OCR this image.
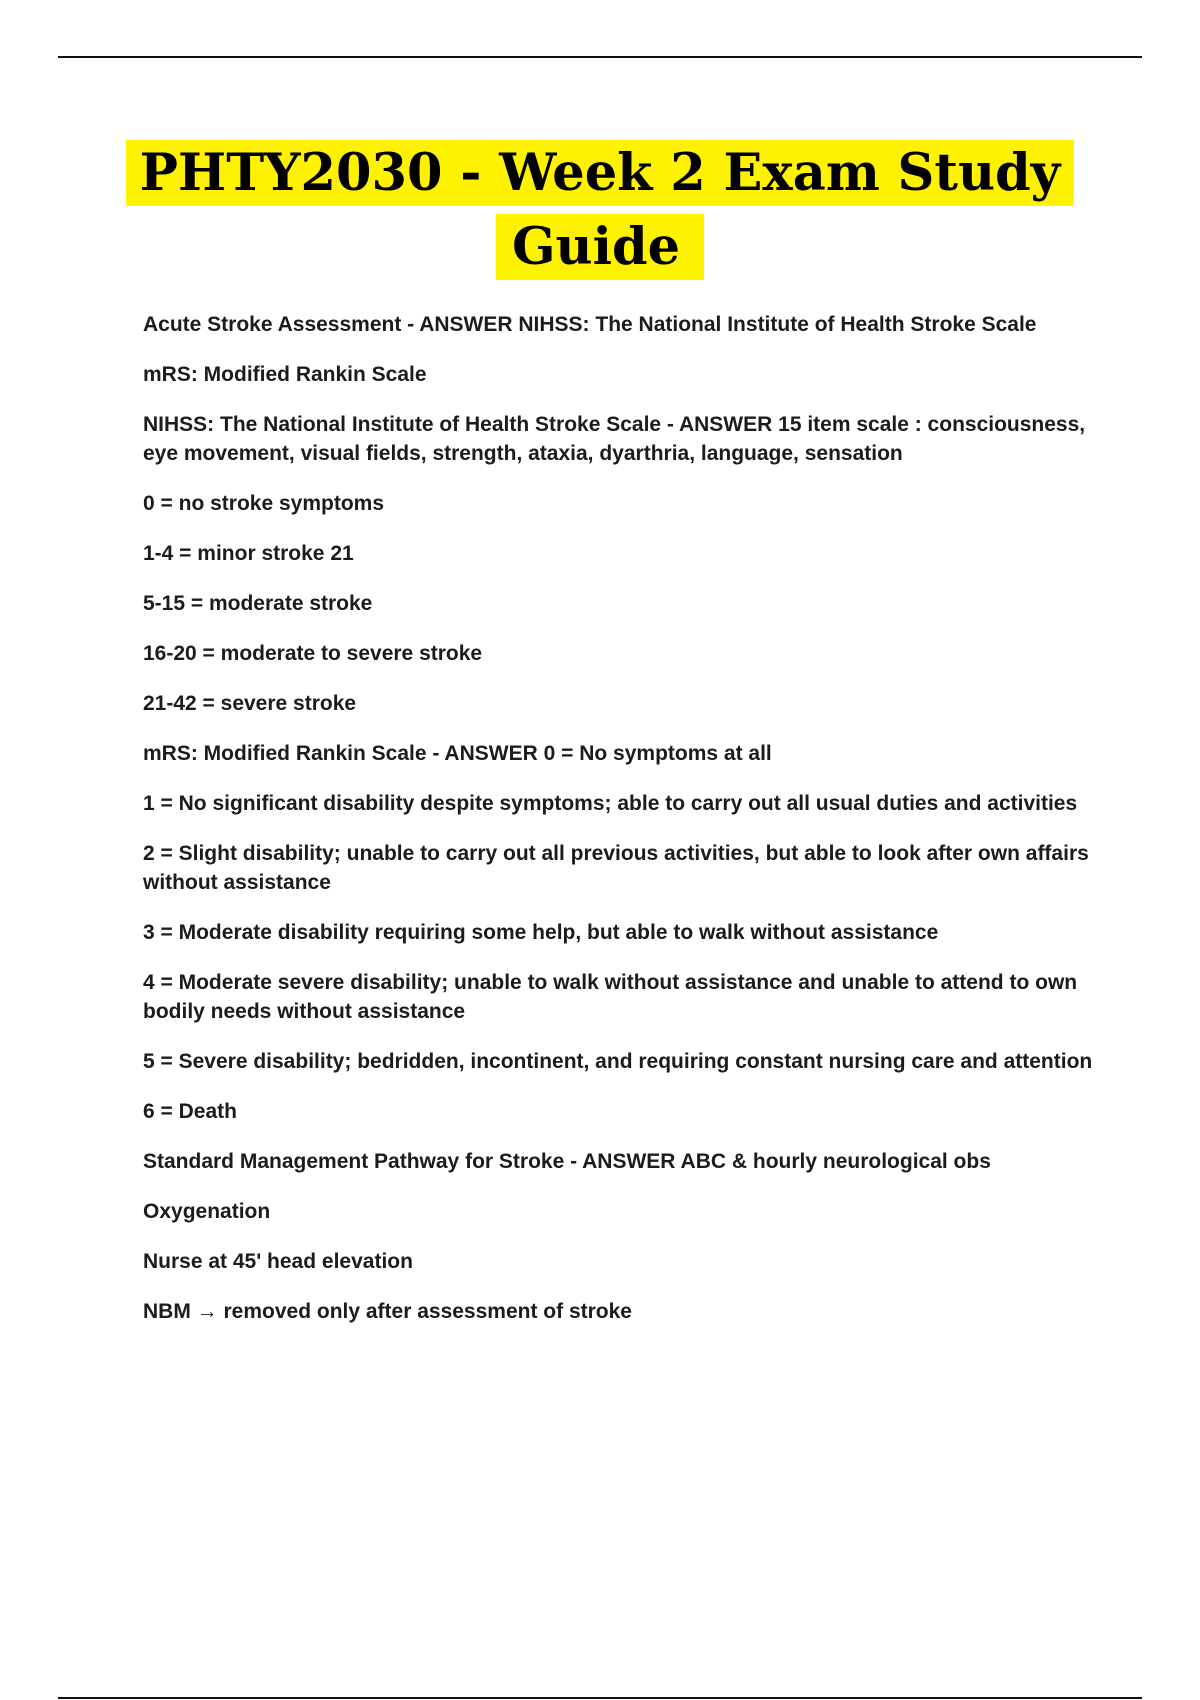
PHTY2030 - Week 2 Exam Study
Guide

Acute Stroke Assessment - ANSWER NIHSS: The National Institute of Health Stroke Scale

mRS: Modified Rankin Scale

NIHSS: The National Institute of Health Stroke Scale - ANSWER 15 item scale : consciousness, eye movement, visual fields, strength, ataxia, dyarthria, language, sensation

0 = no stroke symptoms

1-4 = minor stroke 21

5-15 = moderate stroke

16-20 = moderate to severe stroke

21-42 = severe stroke

mRS: Modified Rankin Scale - ANSWER 0 = No symptoms at all

1 = No significant disability despite symptoms; able to carry out all usual duties and activities

2 = Slight disability; unable to carry out all previous activities, but able to look after own affairs without assistance

3 = Moderate disability requiring some help, but able to walk without assistance

4 = Moderate severe disability; unable to walk without assistance and unable to attend to own bodily needs without assistance

5 = Severe disability; bedridden, incontinent, and requiring constant nursing care and attention

6 = Death

Standard Management Pathway for Stroke - ANSWER ABC & hourly neurological obs

Oxygenation

Nurse at 45' head elevation

NBM → removed only after assessment of stroke
